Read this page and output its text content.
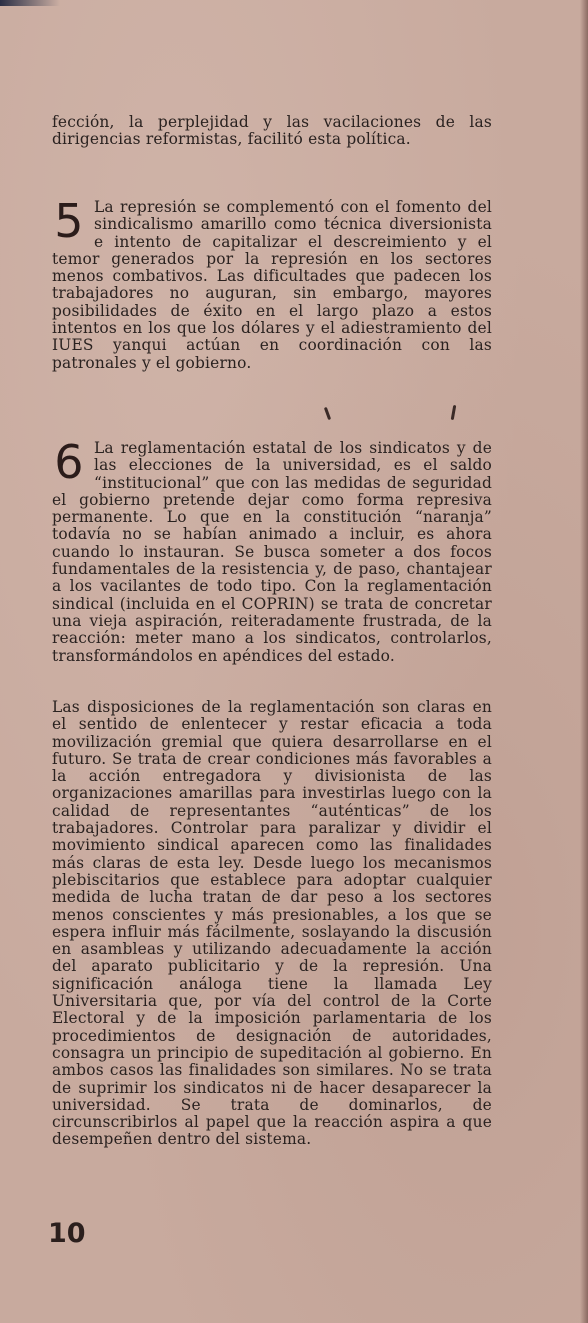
fección, la perplejidad y las vacilaciones de las dirigencias reformistas, facilitó esta política.

5 La represión se complementó con el fomento del sindicalismo amarillo como técnica diversionista e intento de capitalizar el descreimiento y el temor generados por la represión en los sectores menos combativos. Las dificultades que padecen los trabajadores no auguran, sin embargo, mayores posibilidades de éxito en el largo plazo a estos intentos en los que los dólares y el adiestramiento del IUES yanqui actúan en coordinación con las patronales y el gobierno.
6 La reglamentación estatal de los sindicatos y de las elecciones de la universidad, es el saldo “institucional” que con las medidas de seguridad el gobierno pretende dejar como forma represiva permanente. Lo que en la constitución “naranja” todavía no se habían animado a incluir, es ahora cuando lo instauran. Se busca someter a dos focos fundamentales de la resistencia y, de paso, chantajear a los vacilantes de todo tipo. Con la reglamentación sindical (incluida en el COPRIN) se trata de concretar una vieja aspiración, reiteradamente frustrada, de la reacción: meter mano a los sindicatos, controlarlos, transformándolos en apéndices del estado.

Las disposiciones de la reglamentación son claras en el sentido de enlentecer y restar eficacia a toda movilización gremial que quiera desarrollarse en el futuro. Se trata de crear condiciones más favorables a la acción entregadora y divisionista de las organizaciones amarillas para investirlas luego con la calidad de representantes “auténticas” de los trabajadores. Controlar para paralizar y dividir el movimiento sindical aparecen como las finalidades más claras de esta ley. Desde luego los mecanismos plebiscitarios que establece para adoptar cualquier medida de lucha tratan de dar peso a los sectores menos conscientes y más presionables, a los que se espera influir más fácilmente, soslayando la discusión en asambleas y utilizando adecuadamente la acción del aparato publicitario y de la represión. Una significación análoga tiene la llamada Ley Universitaria que, por vía del control de la Corte Electoral y de la imposición parlamentaria de los procedimientos de designación de autoridades, consagra un principio de supeditación al gobierno. En ambos casos las finalidades son similares. No se trata de suprimir los sindicatos ni de hacer desaparecer la universidad. Se trata de dominarlos, de circunscribirlos al papel que la reacción aspira a que desempeñen dentro del sistema.

10
